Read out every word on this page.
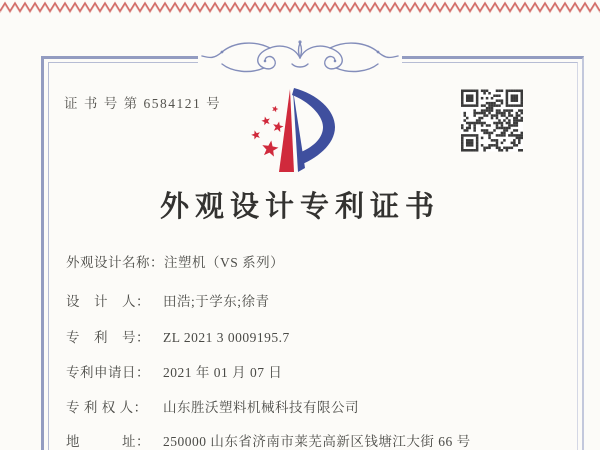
证 书 号 第 6584121 号
外观设计专利证书
外观设计名称：注塑机（VS 系列）
设　计　人： 田浩;于学东;徐青
专　利　号： ZL 2021 3 0009195.7
专利申请日： 2021 年 01 月 07 日
专 利 权 人： 山东胜沃塑料机械科技有限公司
地　　　址： 250000 山东省济南市莱芜高新区钱塘江大街 66 号
